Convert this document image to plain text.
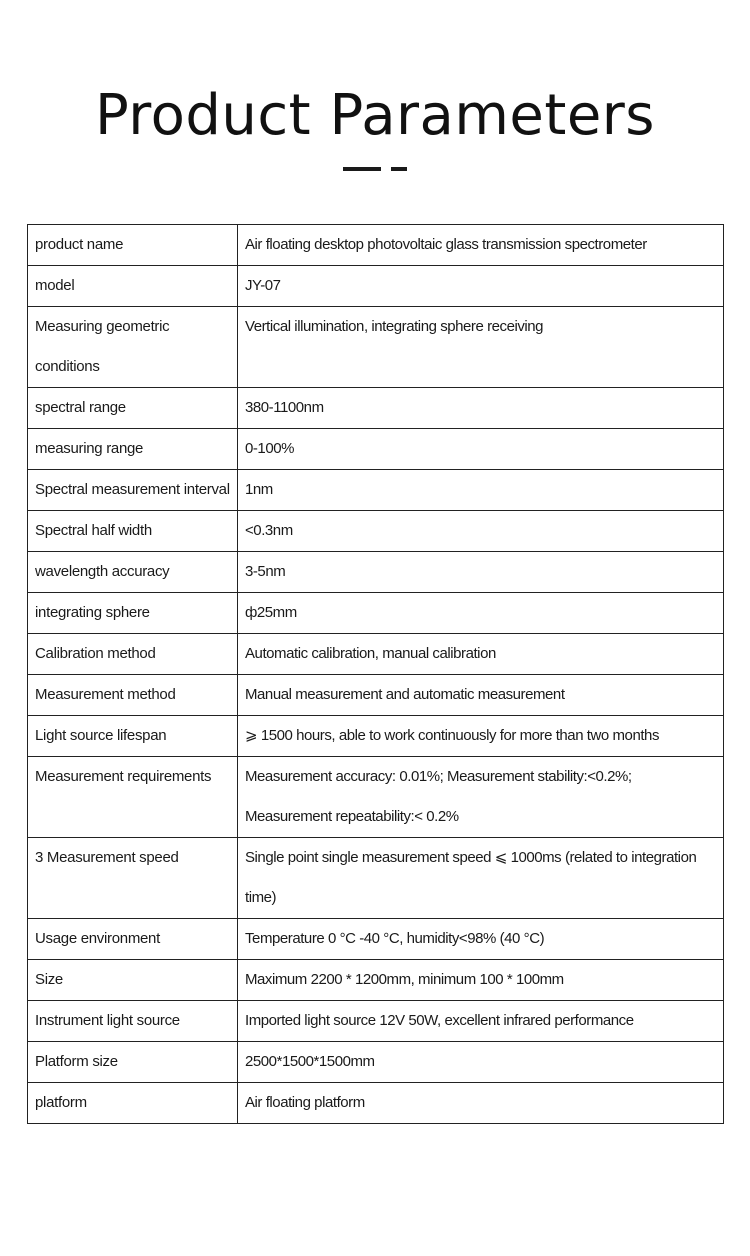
Product Parameters
product name	Air floating desktop photovoltaic glass transmission spectrometer
model	JY-07
Measuring geometric conditions	Vertical illumination, integrating sphere receiving
spectral range	380-1100nm
measuring range	0-100%
Spectral measurement interval	1nm
Spectral half width	<0.3nm
wavelength accuracy	3-5nm
integrating sphere	ф25mm
Calibration method	Automatic calibration, manual calibration
Measurement method	Manual measurement and automatic measurement
Light source lifespan	⩾ 1500 hours, able to work continuously for more than two months
Measurement requirements	Measurement accuracy: 0.01%; Measurement stability:<0.2%; Measurement repeatability:< 0.2%
3 Measurement speed	Single point single measurement speed ⩽ 1000ms (related to integration time)
Usage environment	Temperature 0 °C -40 °C, humidity<98% (40 °C)
Size	Maximum 2200 * 1200mm, minimum 100 * 100mm
Instrument light source	Imported light source 12V 50W, excellent infrared performance
Platform size	2500*1500*1500mm
platform	Air floating platform
